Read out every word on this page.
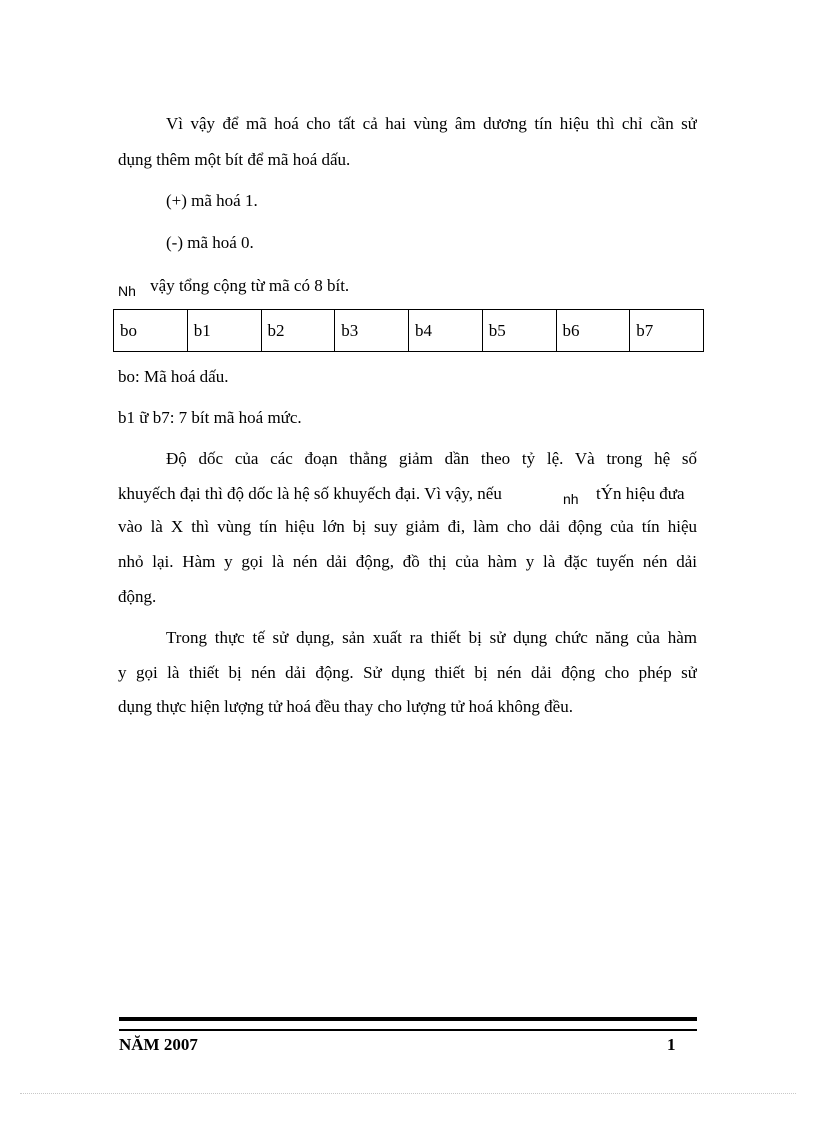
Vì vậy để mã hoá cho tất cả hai vùng âm dương tín hiệu thì chỉ cần sử
dụng thêm một bít để mã hoá dấu.
(+) mã hoá 1.
(-) mã hoá 0.
$_{Nh}$ vậy tổng cộng từ mã có 8 bít.
bo	b1	b2	b3	b4	b5	b6	b7
bo: Mã hoá dấu.
b1 ữ b7: 7 bít mã hoá mức.
Độ dốc của các đoạn thẳng giảm dần theo tỷ lệ. Và trong hệ số
khuyếch đại thì độ dốc là hệ số khuyếch đại. Vì vậy, nếu	nh tÝn hiệu đưa
vào là X thì vùng tín hiệu lớn bị suy giảm đi, làm cho dải động của tín hiệu
nhỏ lại. Hàm y gọi là nén dải động, đồ thị của hàm y là đặc tuyến nén dải
động.
Trong thực tế sử dụng, sản xuất ra thiết bị sử dụng chức năng của hàm
y gọi là thiết bị nén dải động. Sử dụng thiết bị nén dải động cho phép sử
dụng thực hiện lượng tử hoá đều thay cho lượng tử hoá không đều.
NĂM 2007	1
